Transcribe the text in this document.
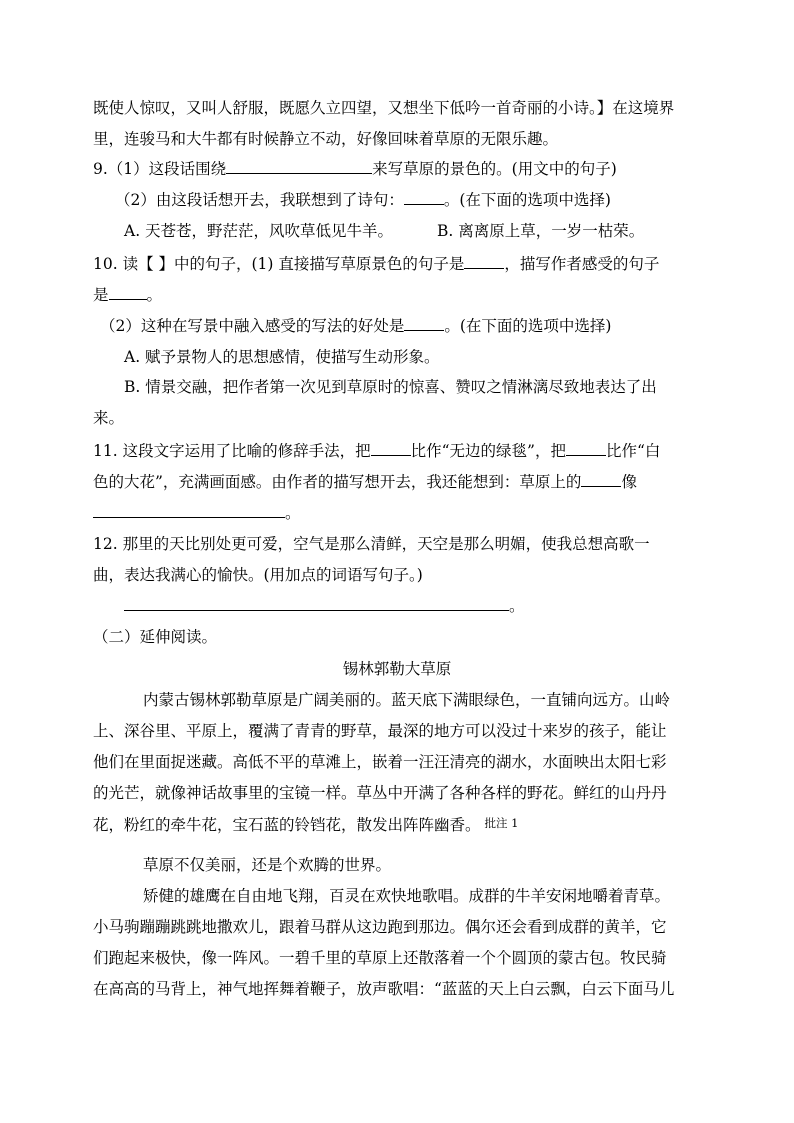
既使人惊叹，又叫人舒服，既愿久立四望，又想坐下低吟一首奇丽的小诗。】在这境界
里，连骏马和大牛都有时候静立不动，好像回味着草原的无限乐趣。
9.（1）这段话围绕	来写草原的景色的。(用文中的句子)
（2）由这段话想开去，我联想到了诗句：	。(在下面的选项中选择)
A. 天苍苍，野茫茫，风吹草低见牛羊。	B. 离离原上草，一岁一枯荣。
10. 读【 】中的句子，(1) 直接描写草原景色的句子是	，描写作者感受的句子
是 。
（2）这种在写景中融入感受的写法的好处是	。(在下面的选项中选择)
A. 赋予景物人的思想感情，使描写生动形象。
B. 情景交融，把作者第一次见到草原时的惊喜、赞叹之情淋漓尽致地表达了出
来。
11. 这段文字运用了比喻的修辞手法，把	比作“无边的绿毯”，把	比作“白
色的大花”，充满画面感。由作者的描写想开去，我还能想到：草原上的	像
。
12. 那里的天比别处更可爱，空气是那么清鲜，天空是那么明媚，使我总想高歌一
曲，表达我满心的愉快。(用加点的词语写句子。)
。
（二）延伸阅读。
锡林郭勒大草原
内蒙古锡林郭勒草原是广阔美丽的。蓝天底下满眼绿色，一直铺向远方。山岭
上、深谷里、平原上，覆满了青青的野草，最深的地方可以没过十来岁的孩子，能让
他们在里面捉迷藏。高低不平的草滩上，嵌着一汪汪清亮的湖水，水面映出太阳七彩
的光芒，就像神话故事里的宝镜一样。草丛中开满了各种各样的野花。鲜红的山丹丹
花，粉红的牵牛花，宝石蓝的铃铛花，散发出阵阵幽香。 批注 1
草原不仅美丽，还是个欢腾的世界。
矫健的雄鹰在自由地飞翔，百灵在欢快地歌唱。成群的牛羊安闲地嚼着青草。
小马驹蹦蹦跳跳地撒欢儿，跟着马群从这边跑到那边。偶尔还会看到成群的黄羊，它
们跑起来极快，像一阵风。一碧千里的草原上还散落着一个个圆顶的蒙古包。牧民骑
在高高的马背上，神气地挥舞着鞭子，放声歌唱：“蓝蓝的天上白云飘，白云下面马儿
